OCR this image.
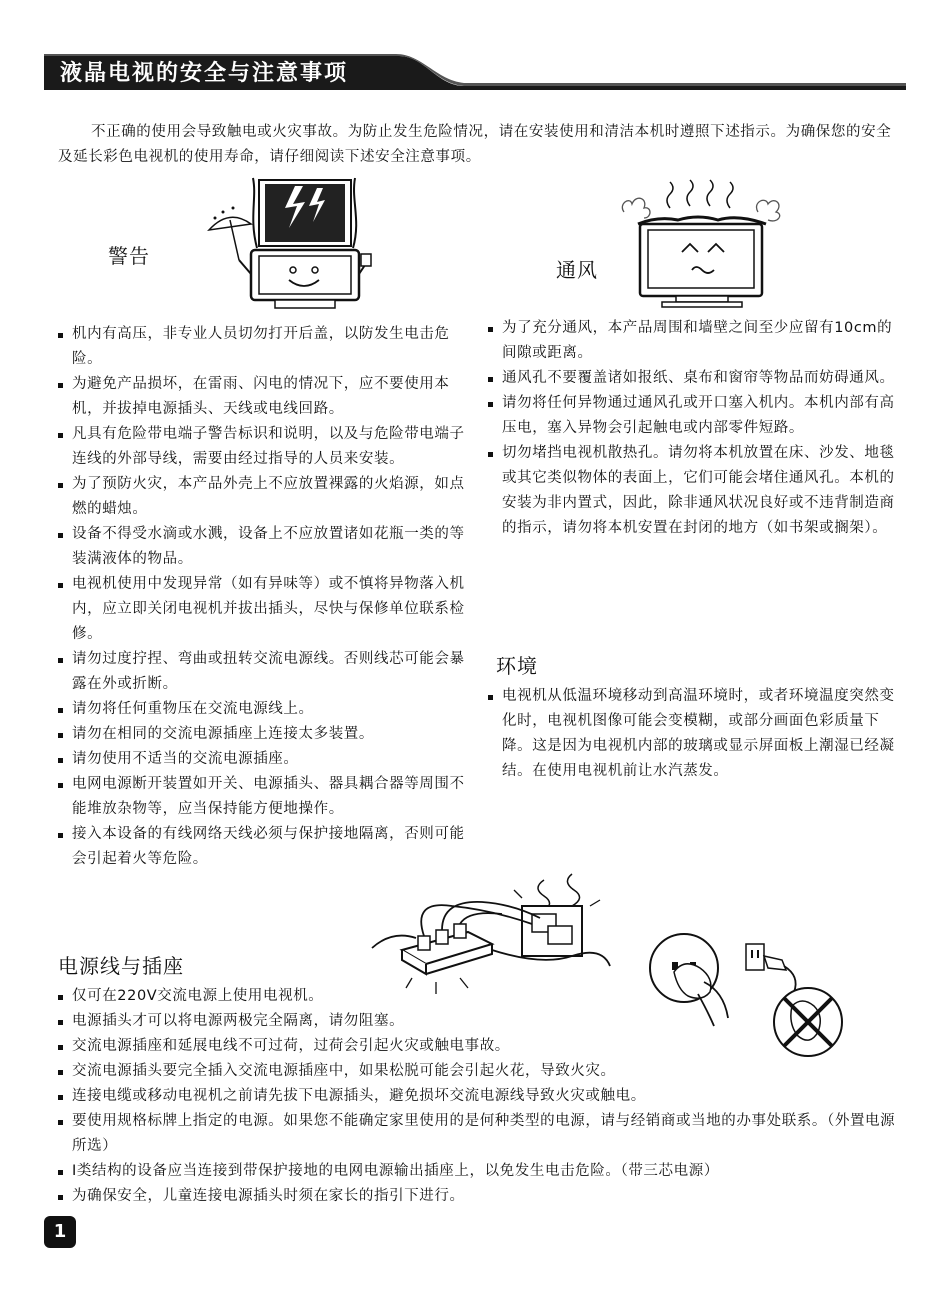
液晶电视的安全与注意事项

不正确的使用会导致触电或火灾事故。为防止发生危险情况，请在安装使用和清洁本机时遵照下述指示。为确保您的安全及延长彩色电视机的使用寿命，请仔细阅读下述安全注意事项。

警告
通风
机内有高压，非专业人员切勿打开后盖，以防发生电击危险。
为避免产品损坏，在雷雨、闪电的情况下，应不要使用本机，并拔掉电源插头、天线或电线回路。
凡具有危险带电端子警告标识和说明，以及与危险带电端子连线的外部导线，需要由经过指导的人员来安装。
为了预防火灾，本产品外壳上不应放置裸露的火焰源，如点燃的蜡烛。
设备不得受水滴或水溅，设备上不应放置诸如花瓶一类的等装满液体的物品。
电视机使用中发现异常（如有异味等）或不慎将异物落入机内，应立即关闭电视机并拔出插头，尽快与保修单位联系检修。
请勿过度拧捏、弯曲或扭转交流电源线。否则线芯可能会暴露在外或折断。
请勿将任何重物压在交流电源线上。
请勿在相同的交流电源插座上连接太多装置。
请勿使用不适当的交流电源插座。
电网电源断开装置如开关、电源插头、器具耦合器等周围不能堆放杂物等，应当保持能方便地操作。
接入本设备的有线网络天线必须与保护接地隔离，否则可能会引起着火等危险。
为了充分通风，本产品周围和墙壁之间至少应留有10cm的间隙或距离。
通风孔不要覆盖诸如报纸、桌布和窗帘等物品而妨碍通风。
请勿将任何异物通过通风孔或开口塞入机内。本机内部有高压电，塞入异物会引起触电或内部零件短路。
切勿堵挡电视机散热孔。请勿将本机放置在床、沙发、地毯或其它类似物体的表面上，它们可能会堵住通风孔。本机的安装为非内置式，因此，除非通风状况良好或不违背制造商的指示，请勿将本机安置在封闭的地方（如书架或搁架）。
环境
电视机从低温环境移动到高温环境时，或者环境温度突然变化时，电视机图像可能会变模糊，或部分画面色彩质量下降。这是因为电视机内部的玻璃或显示屏面板上潮湿已经凝结。在使用电视机前让水汽蒸发。
电源线与插座
仅可在220V交流电源上使用电视机。
电源插头才可以将电源两极完全隔离，请勿阻塞。
交流电源插座和延展电线不可过荷，过荷会引起火灾或触电事故。
交流电源插头要完全插入交流电源插座中，如果松脱可能会引起火花，导致火灾。
连接电缆或移动电视机之前请先拔下电源插头，避免损坏交流电源线导致火灾或触电。
要使用规格标牌上指定的电源。如果您不能确定家里使用的是何种类型的电源，请与经销商或当地的办事处联系。（外置电源所选）
Ⅰ类结构的设备应当连接到带保护接地的电网电源输出插座上，以免发生电击危险。（带三芯电源）
为确保安全，儿童连接电源插头时须在家长的指引下进行。
1
